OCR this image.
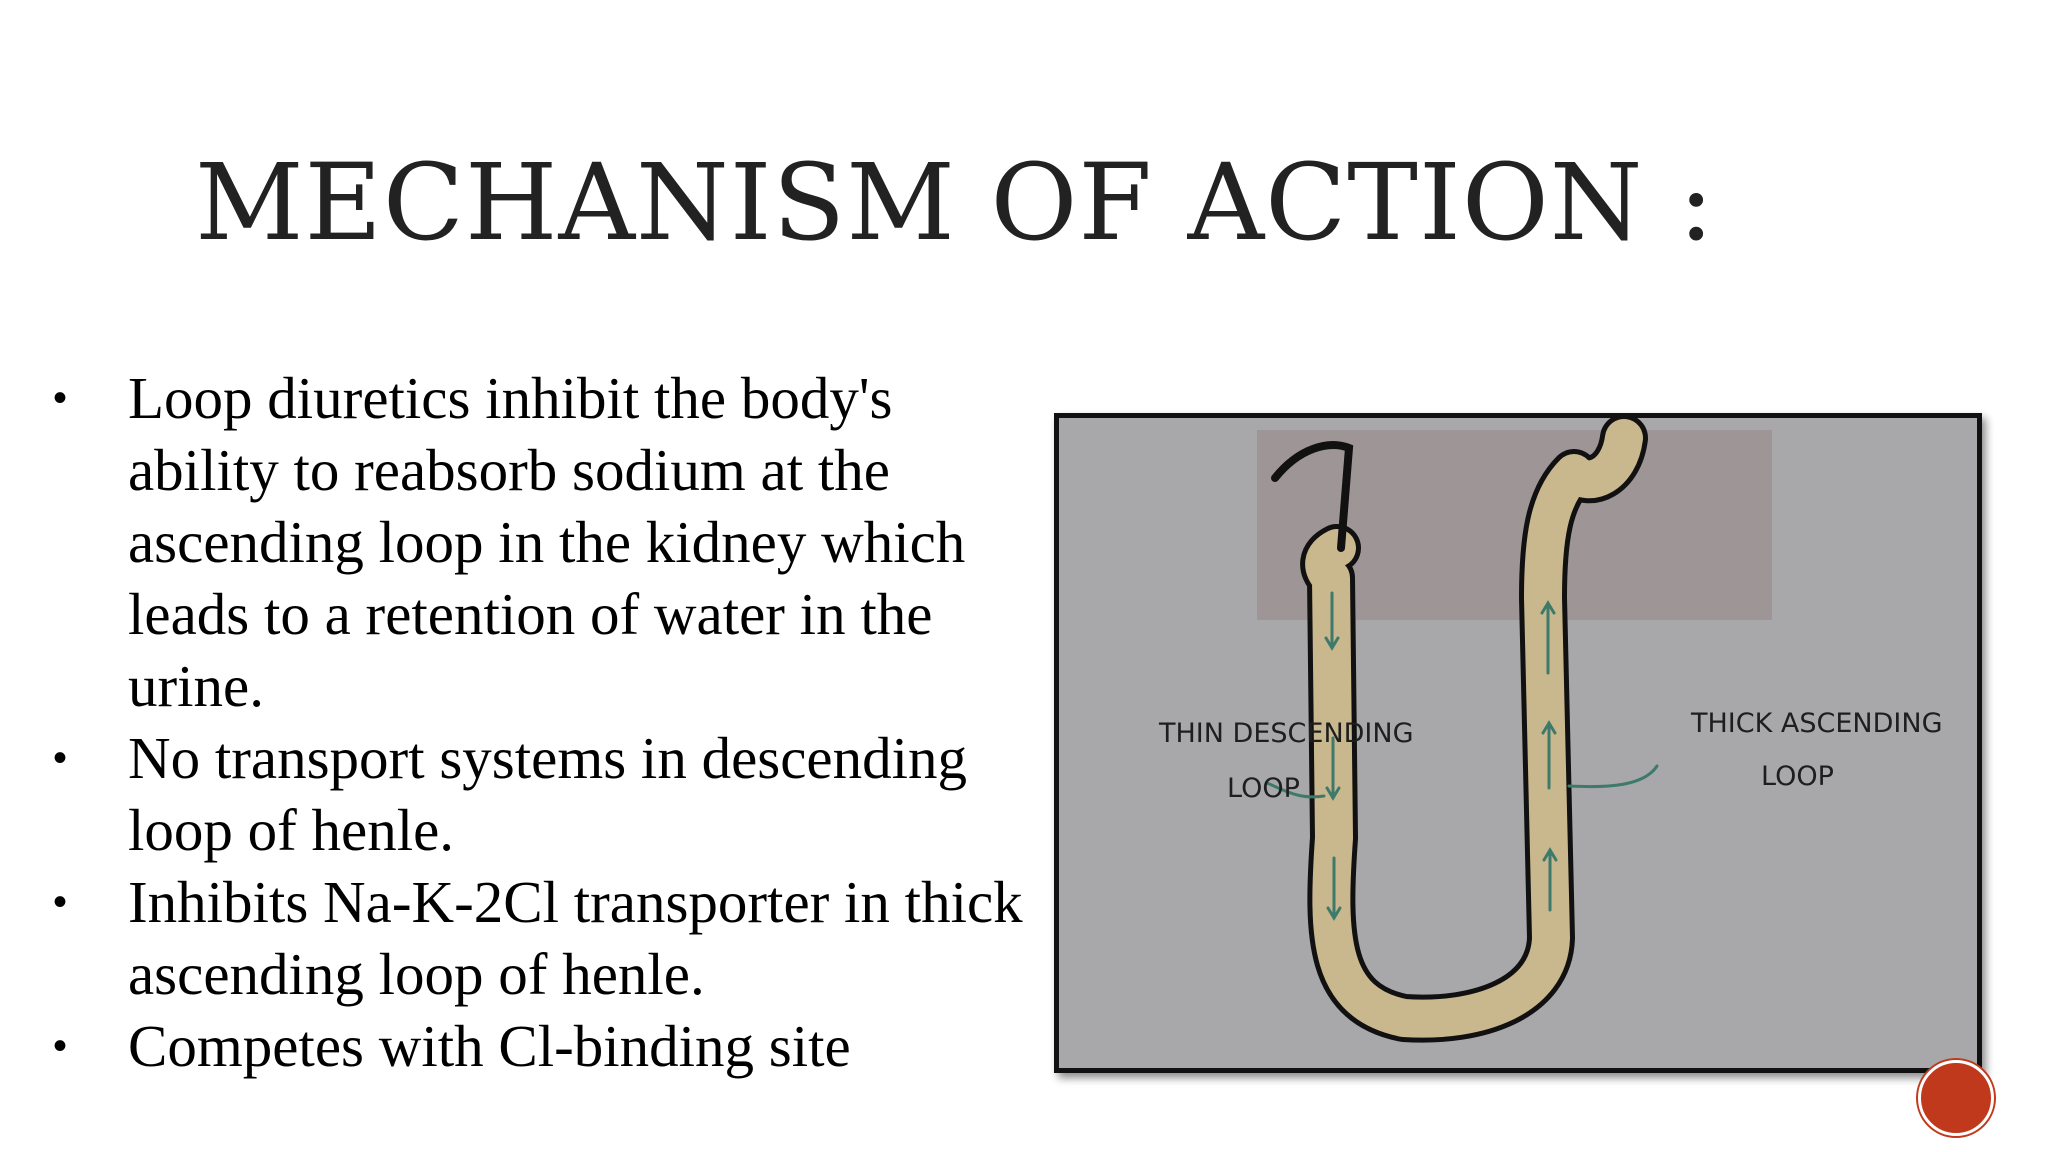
MECHANISM OF ACTION :
• Loop diuretics inhibit the body's ability to reabsorb sodium at the ascending loop in the kidney which leads to a retention of water in the urine.
• No transport systems in descending loop of henle.
• Inhibits Na-K-2Cl transporter in thick ascending loop of henle.
• Competes with Cl-binding site
THIN DESCENDING
LOOP
THICK ASCENDING
LOOP
